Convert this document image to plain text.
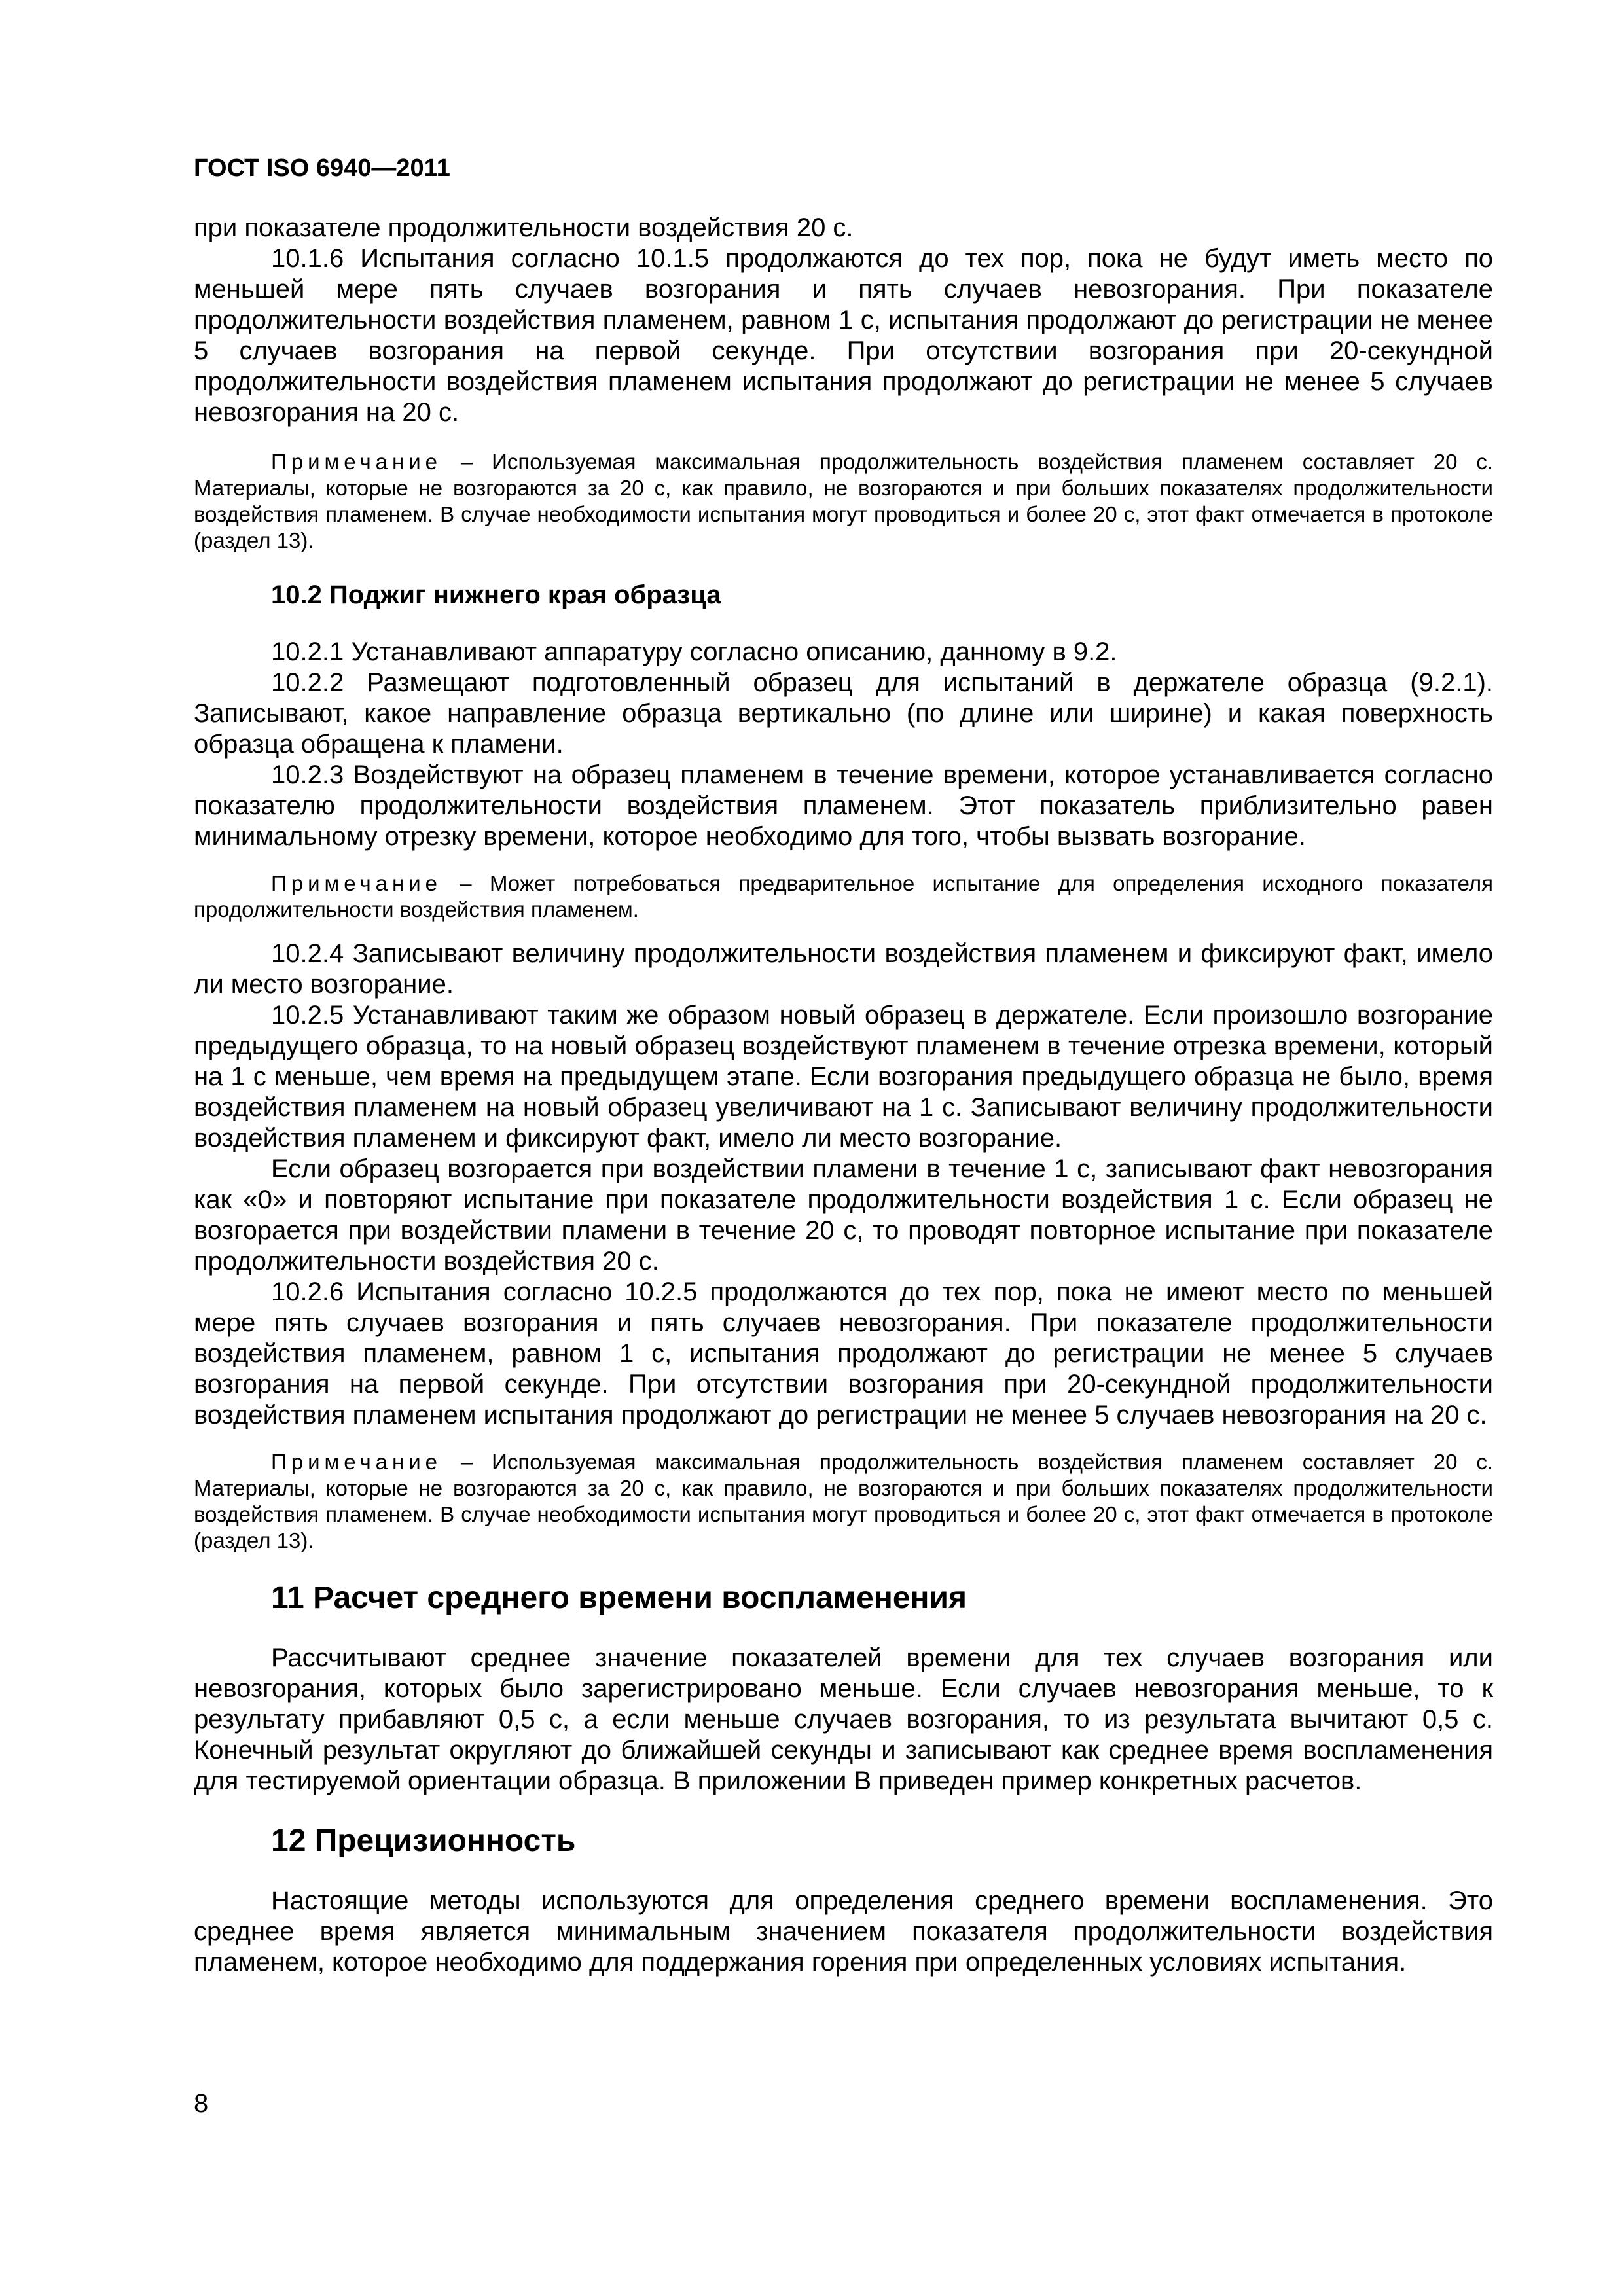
ГОСТ ISO 6940—2011

при показателе продолжительности воздействия 20 с.

10.1.6 Испытания согласно 10.1.5 продолжаются до тех пор, пока не будут иметь место по меньшей мере пять случаев возгорания и пять случаев невозгорания. При показателе продолжительности воздействия пламенем, равном 1 с, испытания продолжают до регистрации не менее 5 случаев возгорания на первой секунде. При отсутствии возгорания при 20-секундной продолжительности воздействия пламенем испытания продолжают до регистрации не менее 5 случаев невозгорания на 20 с.

Примечание – Используемая максимальная продолжительность воздействия пламенем составляет 20 с. Материалы, которые не возгораются за 20 с, как правило, не возгораются и при больших показателях продолжительности воздействия пламенем. В случае необходимости испытания могут проводиться и более 20 с, этот факт отмечается в протоколе (раздел 13).

10.2 Поджиг нижнего края образца

10.2.1 Устанавливают аппаратуру согласно описанию, данному в 9.2.

10.2.2 Размещают подготовленный образец для испытаний в держателе образца (9.2.1). Записывают, какое направление образца вертикально (по длине или ширине) и какая поверхность образца обращена к пламени.

10.2.3 Воздействуют на образец пламенем в течение времени, которое устанавливается согласно показателю продолжительности воздействия пламенем. Этот показатель приблизительно равен минимальному отрезку времени, которое необходимо для того, чтобы вызвать возгорание.

Примечание – Может потребоваться предварительное испытание для определения исходного показателя продолжительности воздействия пламенем.

10.2.4 Записывают величину продолжительности воздействия пламенем и фиксируют факт, имело ли место возгорание.

10.2.5 Устанавливают таким же образом новый образец в держателе. Если произошло возгорание предыдущего образца, то на новый образец воздействуют пламенем в течение отрезка времени, который на 1 с меньше, чем время на предыдущем этапе. Если возгорания предыдущего образца не было, время воздействия пламенем на новый образец увеличивают на 1 с. Записывают величину продолжительности воздействия пламенем и фиксируют факт, имело ли место возгорание.

Если образец возгорается при воздействии пламени в течение 1 с, записывают факт невозгорания как «0» и повторяют испытание при показателе продолжительности воздействия 1 с. Если образец не возгорается при воздействии пламени в течение 20 с, то проводят повторное испытание при показателе продолжительности воздействия 20 с.

10.2.6 Испытания согласно 10.2.5 продолжаются до тех пор, пока не имеют место по меньшей мере пять случаев возгорания и пять случаев невозгорания. При показателе продолжительности воздействия пламенем, равном 1 с, испытания продолжают до регистрации не менее 5 случаев возгорания на первой секунде. При отсутствии возгорания при 20-секундной продолжительности воздействия пламенем испытания продолжают до регистрации не менее 5 случаев невозгорания на 20 с.

Примечание – Используемая максимальная продолжительность воздействия пламенем составляет 20 с. Материалы, которые не возгораются за 20 с, как правило, не возгораются и при больших показателях продолжительности воздействия пламенем. В случае необходимости испытания могут проводиться и более 20 с, этот факт отмечается в протоколе (раздел 13).

11 Расчет среднего времени воспламенения

Рассчитывают среднее значение показателей времени для тех случаев возгорания или невозгорания, которых было зарегистрировано меньше. Если случаев невозгорания меньше, то к результату прибавляют 0,5 с, а если меньше случаев возгорания, то из результата вычитают 0,5 с. Конечный результат округляют до ближайшей секунды и записывают как среднее время воспламенения для тестируемой ориентации образца. В приложении В приведен пример конкретных расчетов.

12 Прецизионность

Настоящие методы используются для определения среднего времени воспламенения. Это среднее время является минимальным значением показателя продолжительности воздействия пламенем, которое необходимо для поддержания горения при определенных условиях испытания.

8
